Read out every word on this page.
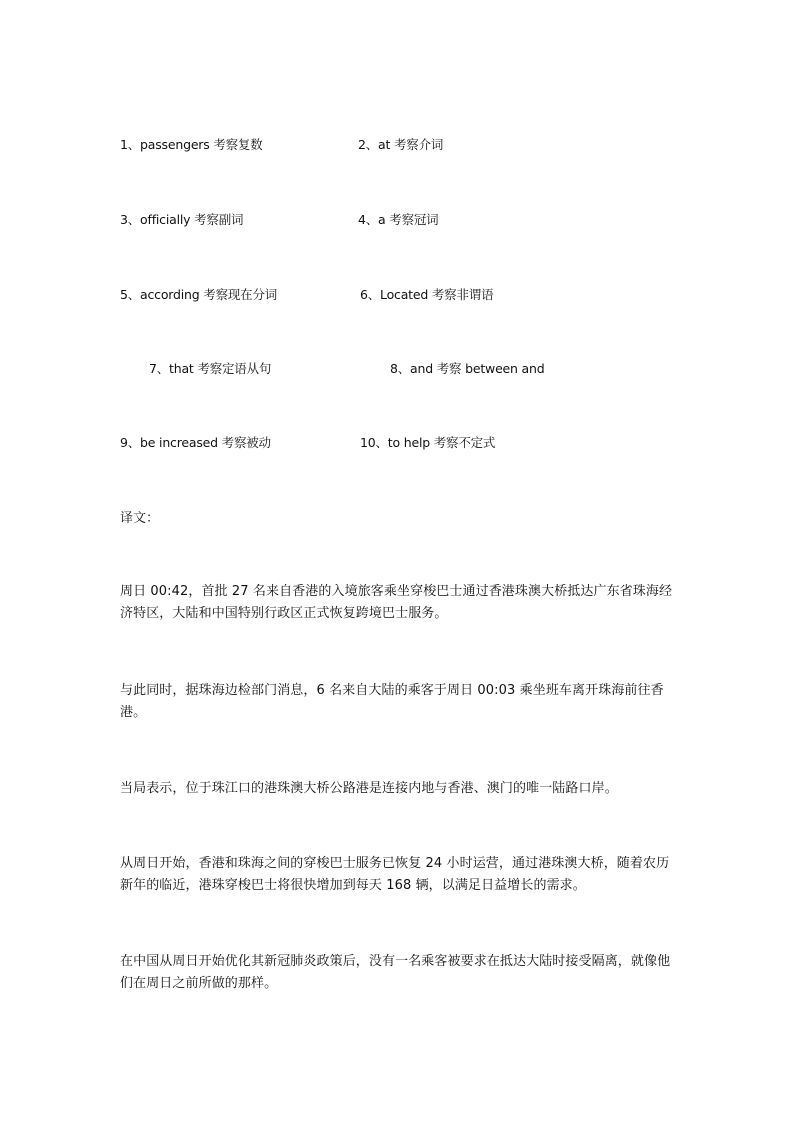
1、passengers 考察复数	2、at 考察介词
3、officially 考察副词	4、a 考察冠词
5、according 考察现在分词	6、Located 考察非谓语
7、that 考察定语从句	8、and 考察 between and
9、be increased 考察被动	10、to help 考察不定式
译文：
周日 00:42，首批 27 名来自香港的入境旅客乘坐穿梭巴士通过香港珠澳大桥抵达广东省珠海经济特区，大陆和中国特别行政区正式恢复跨境巴士服务。
与此同时，据珠海边检部门消息，6 名来自大陆的乘客于周日 00:03 乘坐班车离开珠海前往香港。
当局表示，位于珠江口的港珠澳大桥公路港是连接内地与香港、澳门的唯一陆路口岸。
从周日开始，香港和珠海之间的穿梭巴士服务已恢复 24 小时运营，通过港珠澳大桥，随着农历新年的临近，港珠穿梭巴士将很快增加到每天 168 辆，以满足日益增长的需求。
在中国从周日开始优化其新冠肺炎政策后，没有一名乘客被要求在抵达大陆时接受隔离，就像他们在周日之前所做的那样。
